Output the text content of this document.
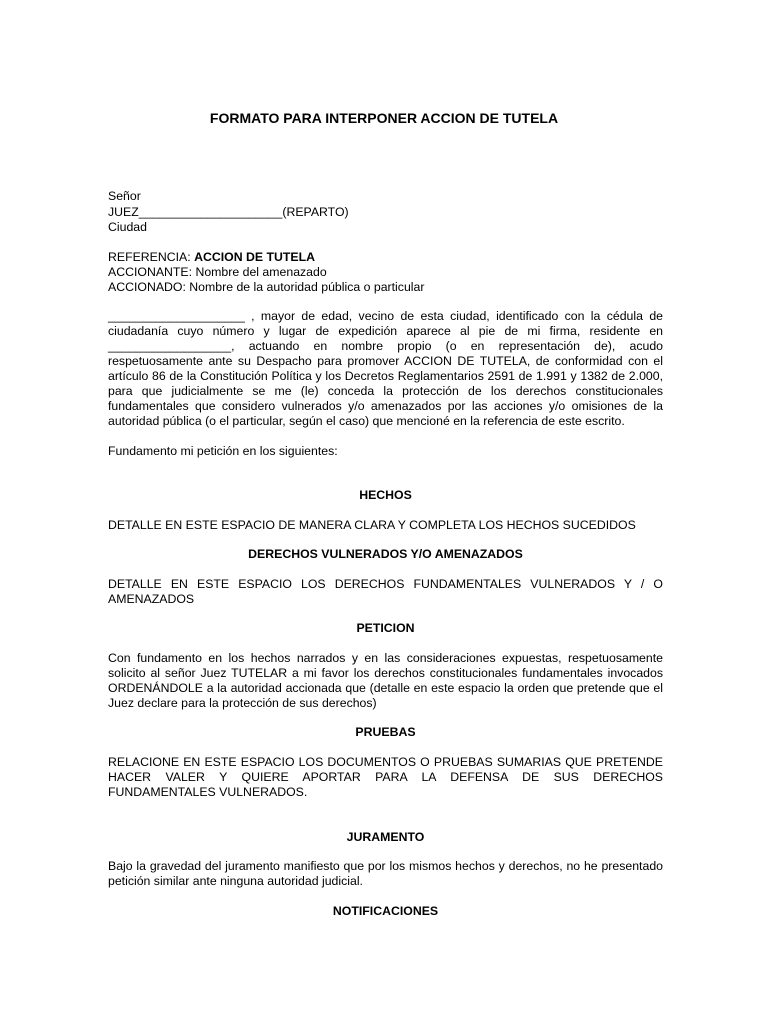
FORMATO PARA INTERPONER ACCION DE TUTELA
Señor
JUEZ_____________________(REPARTO)
Ciudad
REFERENCIA: ACCION DE TUTELA
ACCIONANTE: Nombre del amenazado
ACCIONADO: Nombre de la autoridad pública o particular
____________________ , mayor de edad, vecino de esta ciudad, identificado con la cédula de ciudadanía cuyo número y lugar de expedición aparece al pie de mi firma, residente en __________________, actuando en nombre propio (o en representación de), acudo respetuosamente ante su Despacho para promover ACCION DE TUTELA, de conformidad con el artículo 86 de la Constitución Política y los Decretos Reglamentarios 2591 de 1.991 y 1382 de 2.000, para que judicialmente se me (le) conceda la protección de los derechos constitucionales fundamentales que considero vulnerados y/o amenazados por las acciones y/o omisiones de la autoridad pública (o el particular, según el caso) que mencioné en la referencia de este escrito.
Fundamento mi petición en los siguientes:
HECHOS
DETALLE EN ESTE ESPACIO DE MANERA CLARA Y COMPLETA LOS HECHOS SUCEDIDOS
DERECHOS VULNERADOS Y/O AMENAZADOS
DETALLE EN ESTE ESPACIO LOS DERECHOS FUNDAMENTALES VULNERADOS Y / O AMENAZADOS
PETICION
Con fundamento en los hechos narrados y en las consideraciones expuestas, respetuosamente solicito al señor Juez TUTELAR a mi favor los derechos constitucionales fundamentales invocados ORDENÁNDOLE a la autoridad accionada que (detalle en este espacio la orden que pretende que el Juez declare para la protección de sus derechos)
PRUEBAS
RELACIONE EN ESTE ESPACIO LOS DOCUMENTOS O PRUEBAS SUMARIAS QUE PRETENDE HACER VALER Y QUIERE APORTAR PARA LA DEFENSA DE SUS DERECHOS FUNDAMENTALES VULNERADOS.
JURAMENTO
Bajo la gravedad del juramento manifiesto que por los mismos hechos y derechos, no he presentado petición similar ante ninguna autoridad judicial.
NOTIFICACIONES
